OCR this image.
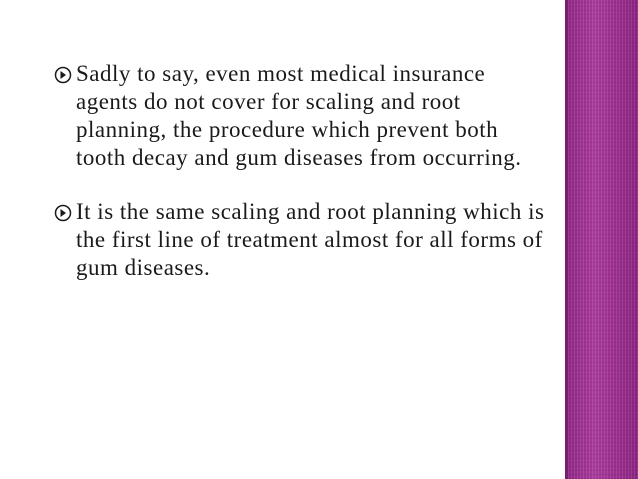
Sadly to say, even most medical insurance agents do not cover for scaling and root planning, the procedure which prevent both tooth decay and gum diseases from occurring.
It is the same scaling and root planning which is the first line of treatment almost for all forms of gum diseases.
